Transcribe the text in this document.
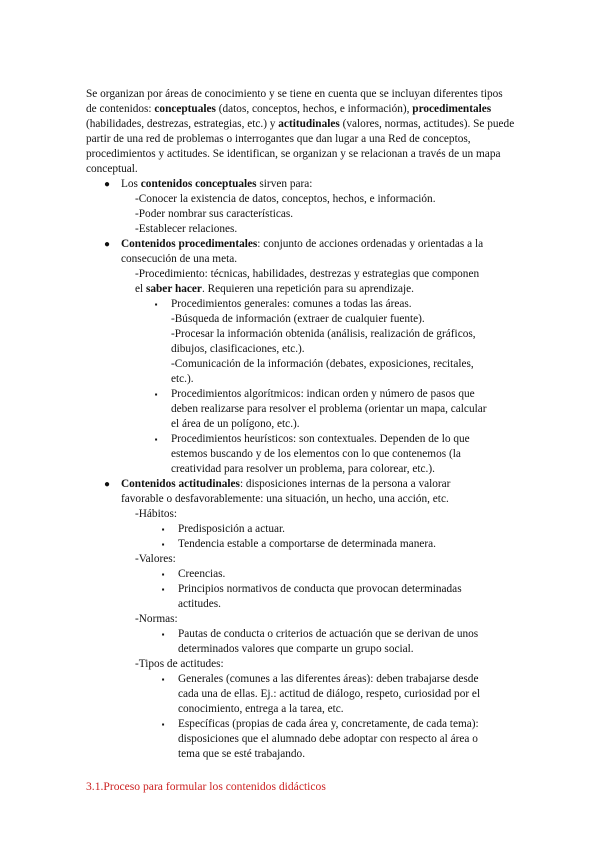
Se organizan por áreas de conocimiento y se tiene en cuenta que se incluyan diferentes tipos de contenidos: conceptuales (datos, conceptos, hechos, e información), procedimentales (habilidades, destrezas, estrategias, etc.) y actitudinales (valores, normas, actitudes). Se puede partir de una red de problemas o interrogantes que dan lugar a una Red de conceptos, procedimientos y actitudes. Se identifican, se organizan y se relacionan a través de un mapa conceptual.

● Los contenidos conceptuales sirven para:
-Conocer la existencia de datos, conceptos, hechos, e información.
-Poder nombrar sus características.
-Establecer relaciones.
● Contenidos procedimentales: conjunto de acciones ordenadas y orientadas a la
consecución de una meta.
-Procedimiento: técnicas, habilidades, destrezas y estrategias que componen
el saber hacer. Requieren una repetición para su aprendizaje.
▪	Procedimientos generales: comunes a todas las áreas.
-Búsqueda de información (extraer de cualquier fuente).
-Procesar la información obtenida (análisis, realización de gráficos,
dibujos, clasificaciones, etc.).
-Comunicación de la información (debates, exposiciones, recitales,
etc.).
▪	Procedimientos algorítmicos: indican orden y número de pasos que
deben realizarse para resolver el problema (orientar un mapa, calcular
el área de un polígono, etc.).
▪	Procedimientos heurísticos: son contextuales. Dependen de lo que
estemos buscando y de los elementos con lo que contenemos (la
creatividad para resolver un problema, para colorear, etc.).
● Contenidos actitudinales: disposiciones internas de la persona a valorar
favorable o desfavorablemente: una situación, un hecho, una acción, etc.
-Hábitos:
▪	Predisposición a actuar.
▪	Tendencia estable a comportarse de determinada manera.
-Valores:
▪	Creencias.
▪	Principios normativos de conducta que provocan determinadas
actitudes.
-Normas:
▪	Pautas de conducta o criterios de actuación que se derivan de unos
determinados valores que comparte un grupo social.
-Tipos de actitudes:
▪	Generales (comunes a las diferentes áreas): deben trabajarse desde
cada una de ellas. Ej.: actitud de diálogo, respeto, curiosidad por el
conocimiento, entrega a la tarea, etc.
▪	Específicas (propias de cada área y, concretamente, de cada tema):
disposiciones que el alumnado debe adoptar con respecto al área o
tema que se esté trabajando.
3.1.Proceso para formular los contenidos didácticos
